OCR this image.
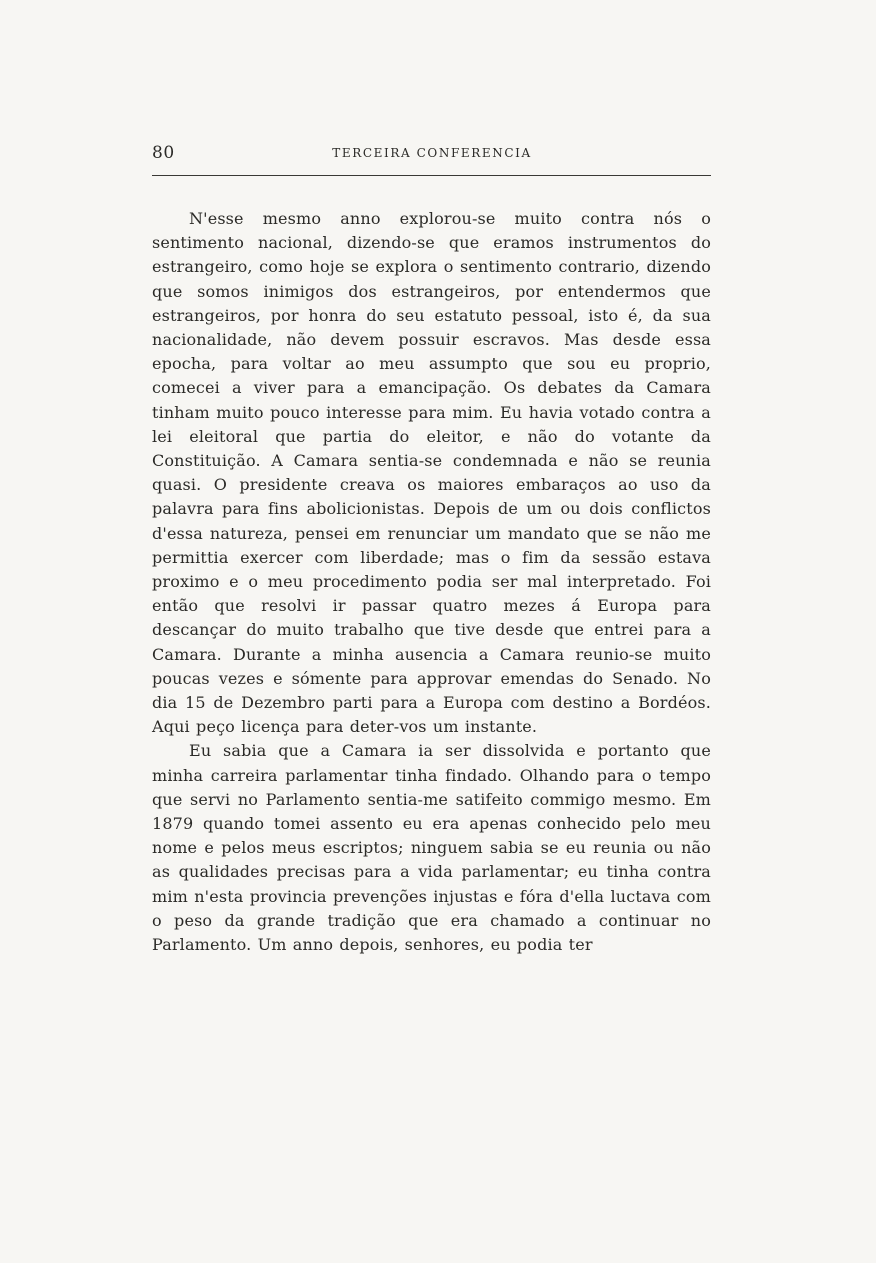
80	TERCEIRA CONFERENCIA

N'esse mesmo anno explorou-se muito contra nós o sentimento nacional, dizendo-se que eramos instrumentos do estrangeiro, como hoje se explora o sentimento contrario, dizendo que somos inimigos dos estrangeiros, por entendermos que estrangeiros, por honra do seu estatuto pessoal, isto é, da sua nacionalidade, não devem possuir escravos. Mas desde essa epocha, para voltar ao meu assumpto que sou eu proprio, comecei a viver para a emancipação. Os debates da Camara tinham muito pouco interesse para mim. Eu havia votado contra a lei eleitoral que partia do eleitor, e não do votante da Constituição. A Camara sentia-se condemnada e não se reunia quasi. O presidente creava os maiores embaraços ao uso da palavra para fins abolicionistas. Depois de um ou dois conflictos d'essa natureza, pensei em renunciar um mandato que se não me permittia exercer com liberdade; mas o fim da sessão estava proximo e o meu procedimento podia ser mal interpretado. Foi então que resolvi ir passar quatro mezes á Europa para descançar do muito trabalho que tive desde que entrei para a Camara. Durante a minha ausencia a Camara reunio-se muito poucas vezes e sómente para approvar emendas do Senado. No dia 15 de Dezembro parti para a Europa com destino a Bordéos. Aqui peço licença para deter-vos um instante.

Eu sabia que a Camara ia ser dissolvida e portanto que minha carreira parlamentar tinha findado. Olhando para o tempo que servi no Parlamento sentia-me satifeito commigo mesmo. Em 1879 quando tomei assento eu era apenas conhecido pelo meu nome e pelos meus escriptos; ninguem sabia se eu reunia ou não as qualidades precisas para a vida parlamentar; eu tinha contra mim n'esta provincia prevenções injustas e fóra d'ella luctava com o peso da grande tradição que era chamado a continuar no Parlamento. Um anno depois, senhores, eu podia ter
